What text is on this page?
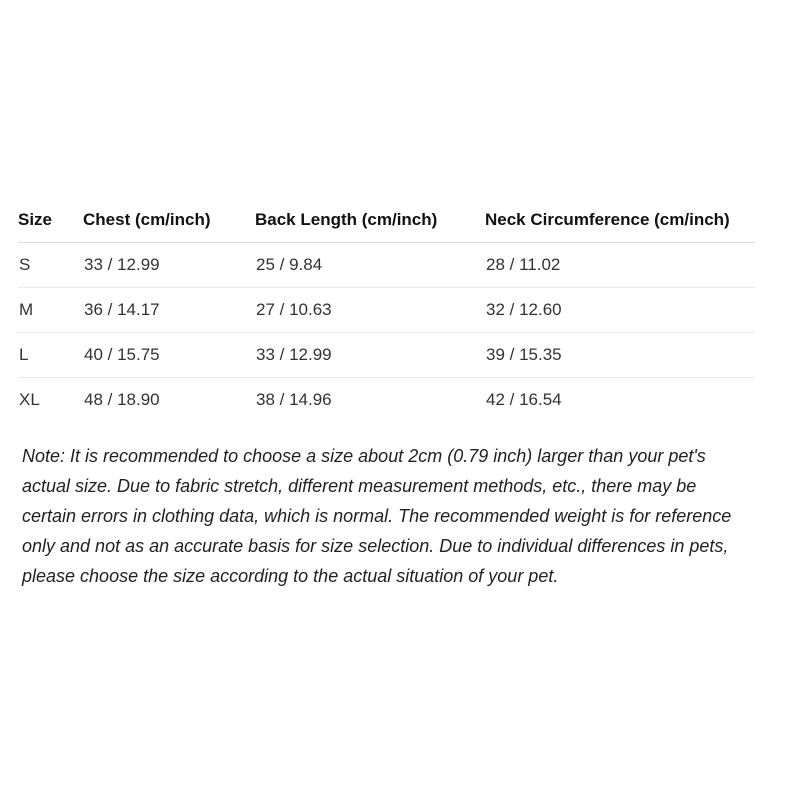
Size	Chest (cm/inch)	Back Length (cm/inch)	Neck Circumference (cm/inch)
S	33 / 12.99	25 / 9.84	28 / 11.02
M	36 / 14.17	27 / 10.63	32 / 12.60
L	40 / 15.75	33 / 12.99	39 / 15.35
XL	48 / 18.90	38 / 14.96	42 / 16.54

Note: It is recommended to choose a size about 2cm (0.79 inch) larger than your pet's actual size. Due to fabric stretch, different measurement methods, etc., there may be certain errors in clothing data, which is normal. The recommended weight is for reference only and not as an accurate basis for size selection. Due to individual differences in pets, please choose the size according to the actual situation of your pet.
